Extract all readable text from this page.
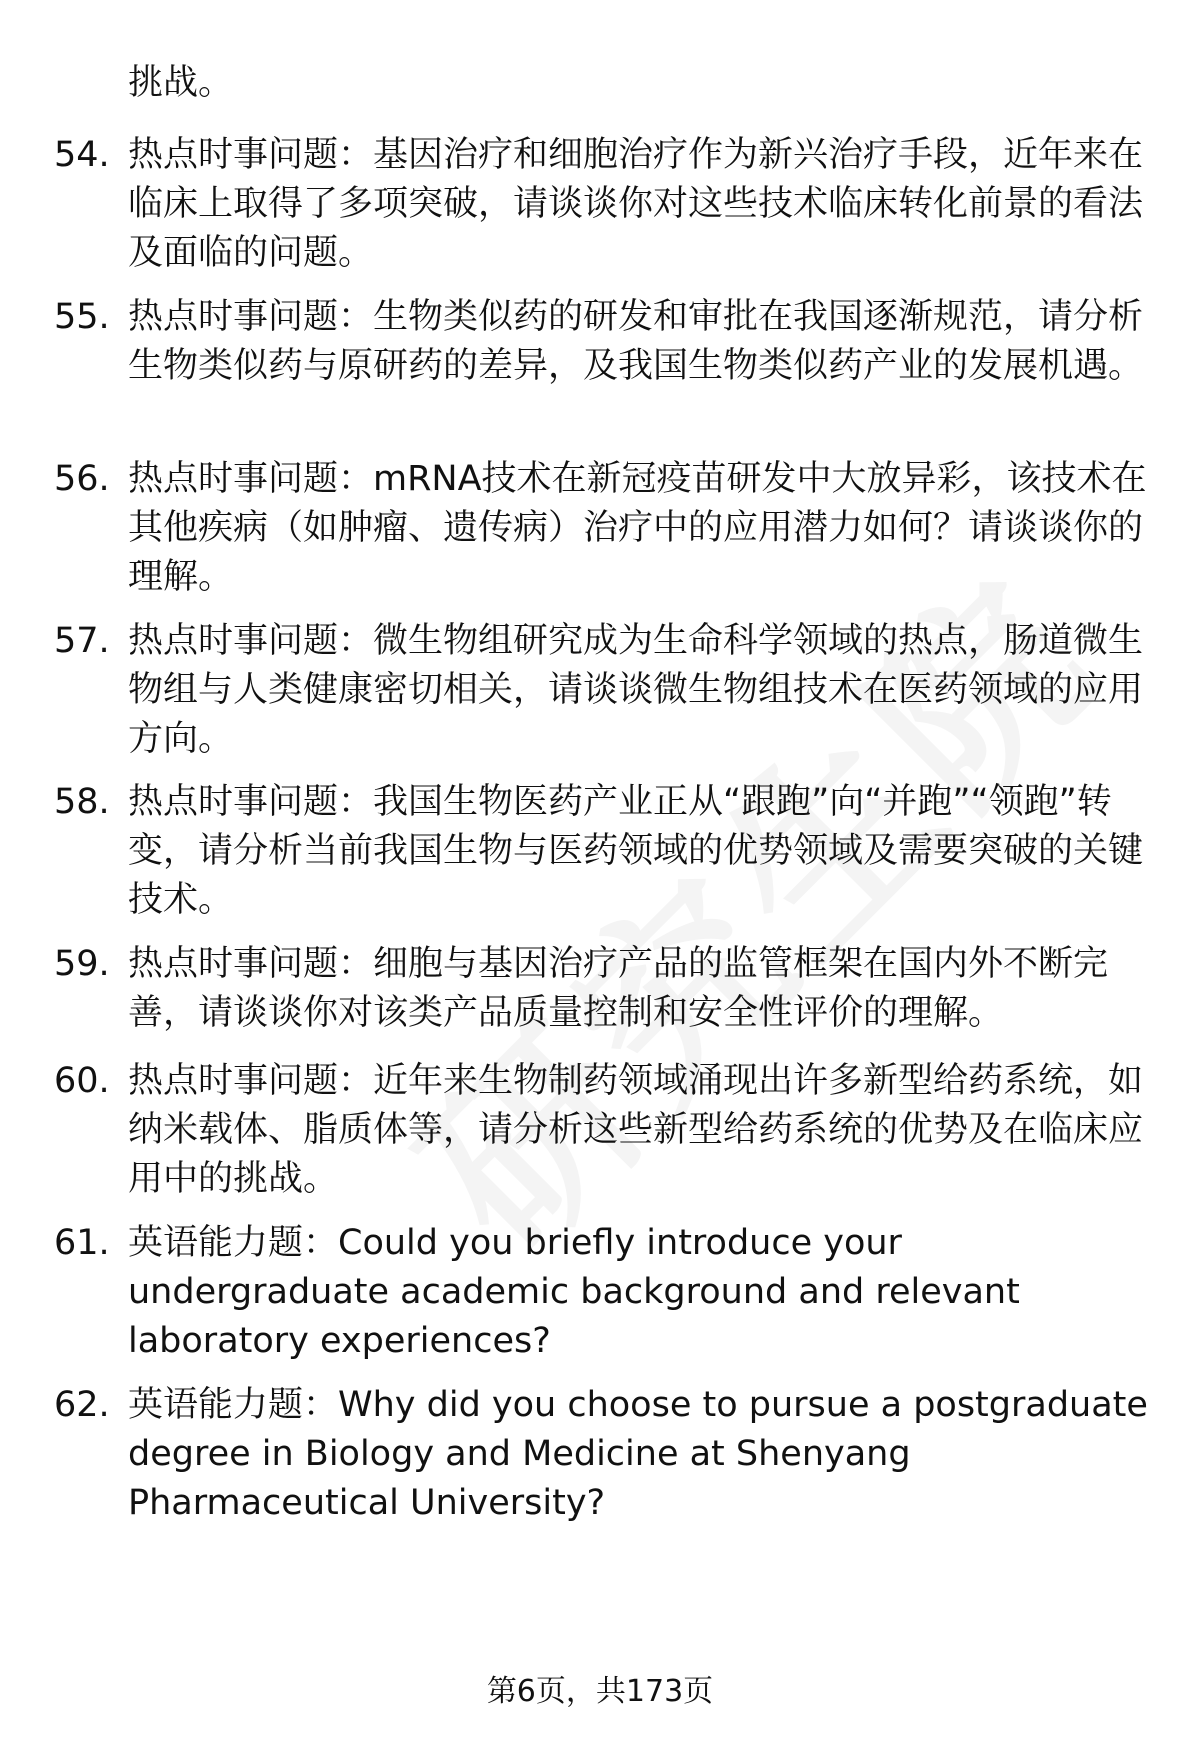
挑战。
54. 热点时事问题：基因治疗和细胞治疗作为新兴治疗手段，近年来在临床上取得了多项突破，请谈谈你对这些技术临床转化前景的看法及面临的问题。
55. 热点时事问题：生物类似药的研发和审批在我国逐渐规范，请分析生物类似药与原研药的差异，及我国生物类似药产业的发展机遇。
56. 热点时事问题：mRNA技术在新冠疫苗研发中大放异彩，该技术在其他疾病（如肿瘤、遗传病）治疗中的应用潜力如何？请谈谈你的理解。
57. 热点时事问题：微生物组研究成为生命科学领域的热点，肠道微生物组与人类健康密切相关，请谈谈微生物组技术在医药领域的应用方向。
58. 热点时事问题：我国生物医药产业正从“跟跑”向“并跑”“领跑”转变，请分析当前我国生物与医药领域的优势领域及需要突破的关键技术。
59. 热点时事问题：细胞与基因治疗产品的监管框架在国内外不断完善，请谈谈你对该类产品质量控制和安全性评价的理解。
60. 热点时事问题：近年来生物制药领域涌现出许多新型给药系统，如纳米载体、脂质体等，请分析这些新型给药系统的优势及在临床应用中的挑战。
61. 英语能力题：Could you briefly introduce your undergraduate academic background and relevant laboratory experiences?
62. 英语能力题：Why did you choose to pursue a postgraduate degree in Biology and Medicine at Shenyang Pharmaceutical University?
第6页，共173页
